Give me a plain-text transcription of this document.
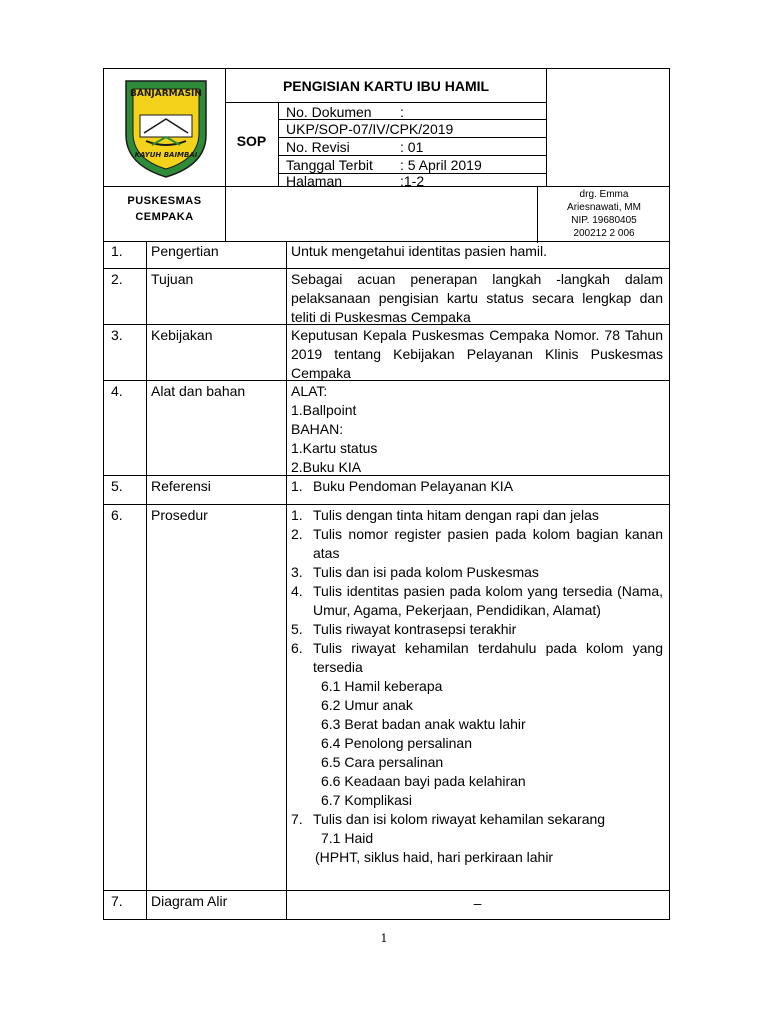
BANJARMASIN
KAYUH BAIMBAI
PENGISIAN KARTU IBU HAMIL
SOP
No. Dokumen :
UKP/SOP-07/IV/CPK/2019
No. Revisi	: 01
Tanggal Terbit : 5 April 2019
Halaman	:1-2
PUSKESMAS
CEMPAKA
drg. Emma
Ariesnawati, MM
NIP. 19680405
200212 2 006
1. Pengertian	Untuk mengetahui identitas pasien hamil.
2. Tujuan	Sebagai acuan penerapan langkah -langkah dalam pelaksanaan pengisian kartu status secara lengkap dan teliti di Puskesmas Cempaka
3. Kebijakan	Keputusan Kepala Puskesmas Cempaka Nomor. 78 Tahun 2019 tentang Kebijakan Pelayanan Klinis Puskesmas Cempaka
4. Alat dan bahan	ALAT:
1.Ballpoint
BAHAN:
1.Kartu status
2.Buku KIA
5. Referensi	1. Buku Pendoman Pelayanan KIA
6. Prosedur	1. Tulis dengan tinta hitam dengan rapi dan jelas
2. Tulis nomor register pasien pada kolom bagian kanan atas
3. Tulis dan isi pada kolom Puskesmas
4. Tulis identitas pasien pada kolom yang tersedia (Nama, Umur, Agama, Pekerjaan, Pendidikan, Alamat)
5. Tulis riwayat kontrasepsi terakhir
6. Tulis riwayat kehamilan terdahulu pada kolom yang tersedia
6.1 Hamil keberapa
6.2 Umur anak
6.3 Berat badan anak waktu lahir
6.4 Penolong persalinan
6.5 Cara persalinan
6.6 Keadaan bayi pada kelahiran
6.7 Komplikasi
7. Tulis dan isi kolom riwayat kehamilan sekarang
7.1 Haid
(HPHT, siklus haid, hari perkiraan lahir
7. Diagram Alir	–
1
